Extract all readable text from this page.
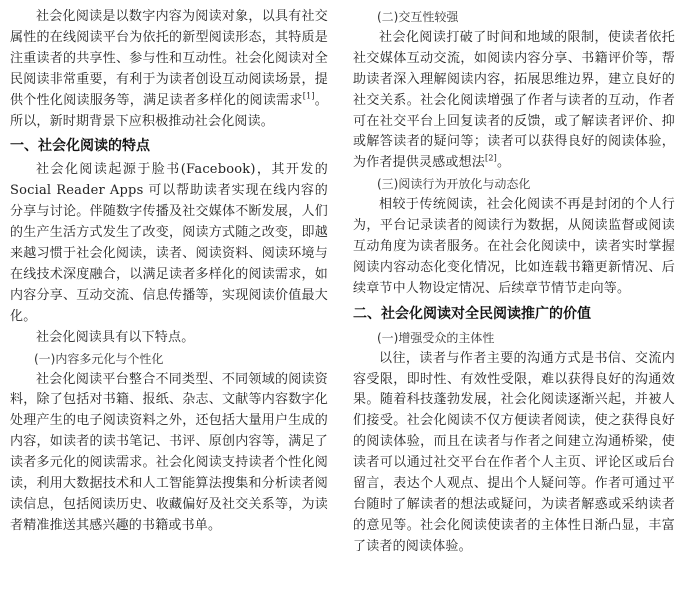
社会化阅读是以数字内容为阅读对象，以具有社交属性的在线阅读平台为依托的新型阅读形态，其特质是注重读者的共享性、参与性和互动性。社会化阅读对全民阅读非常重要，有利于为读者创设互动阅读场景，提供个性化阅读服务等，满足读者多样化的阅读需求[1]。所以，新时期背景下应积极推动社会化阅读。

一、社会化阅读的特点

社会化阅读起源于脸书(Facebook)，其开发的Social Reader Apps 可以帮助读者实现在线内容的分享与讨论。伴随数字传播及社交媒体不断发展，人们的生产生活方式发生了改变，阅读方式随之改变，即越来越习惯于社会化阅读，读者、阅读资料、阅读环境与在线技术深度融合，以满足读者多样化的阅读需求，如内容分享、互动交流、信息传播等，实现阅读价值最大化。

社会化阅读具有以下特点。

(一)内容多元化与个性化

社会化阅读平台整合不同类型、不同领域的阅读资料，除了包括对书籍、报纸、杂志、文献等内容数字化处理产生的电子阅读资料之外，还包括大量用户生成的内容，如读者的读书笔记、书评、原创内容等，满足了读者多元化的阅读需求。社会化阅读支持读者个性化阅读，利用大数据技术和人工智能算法搜集和分析读者阅读信息，包括阅读历史、收藏偏好及社交关系等，为读者精准推送其感兴趣的书籍或书单。

(二)交互性较强

社会化阅读打破了时间和地域的限制，使读者依托社交媒体互动交流，如阅读内容分享、书籍评价等，帮助读者深入理解阅读内容，拓展思维边界，建立良好的社交关系。社会化阅读增强了作者与读者的互动，作者可在社交平台上回复读者的反馈，或了解读者评价、抑或解答读者的疑问等；读者可以获得良好的阅读体验，为作者提供灵感或想法[2]。

(三)阅读行为开放化与动态化

相较于传统阅读，社会化阅读不再是封闭的个人行为，平台记录读者的阅读行为数据，从阅读监督或阅读互动角度为读者服务。在社会化阅读中，读者实时掌握阅读内容动态化变化情况，比如连载书籍更新情况、后续章节中人物设定情况、后续章节情节走向等。

二、社会化阅读对全民阅读推广的价值
(一)增强受众的主体性

以往，读者与作者主要的沟通方式是书信、交流内容受限，即时性、有效性受限，难以获得良好的沟通效果。随着科技蓬勃发展，社会化阅读逐渐兴起，并被人们接受。社会化阅读不仅方便读者阅读，使之获得良好的阅读体验，而且在读者与作者之间建立沟通桥梁，使读者可以通过社交平台在作者个人主页、评论区或后台留言，表达个人观点、提出个人疑问等。作者可通过平台随时了解读者的想法或疑问，为读者解惑或采纳读者的意见等。社会化阅读使读者的主体性日渐凸显，丰富了读者的阅读体验。
